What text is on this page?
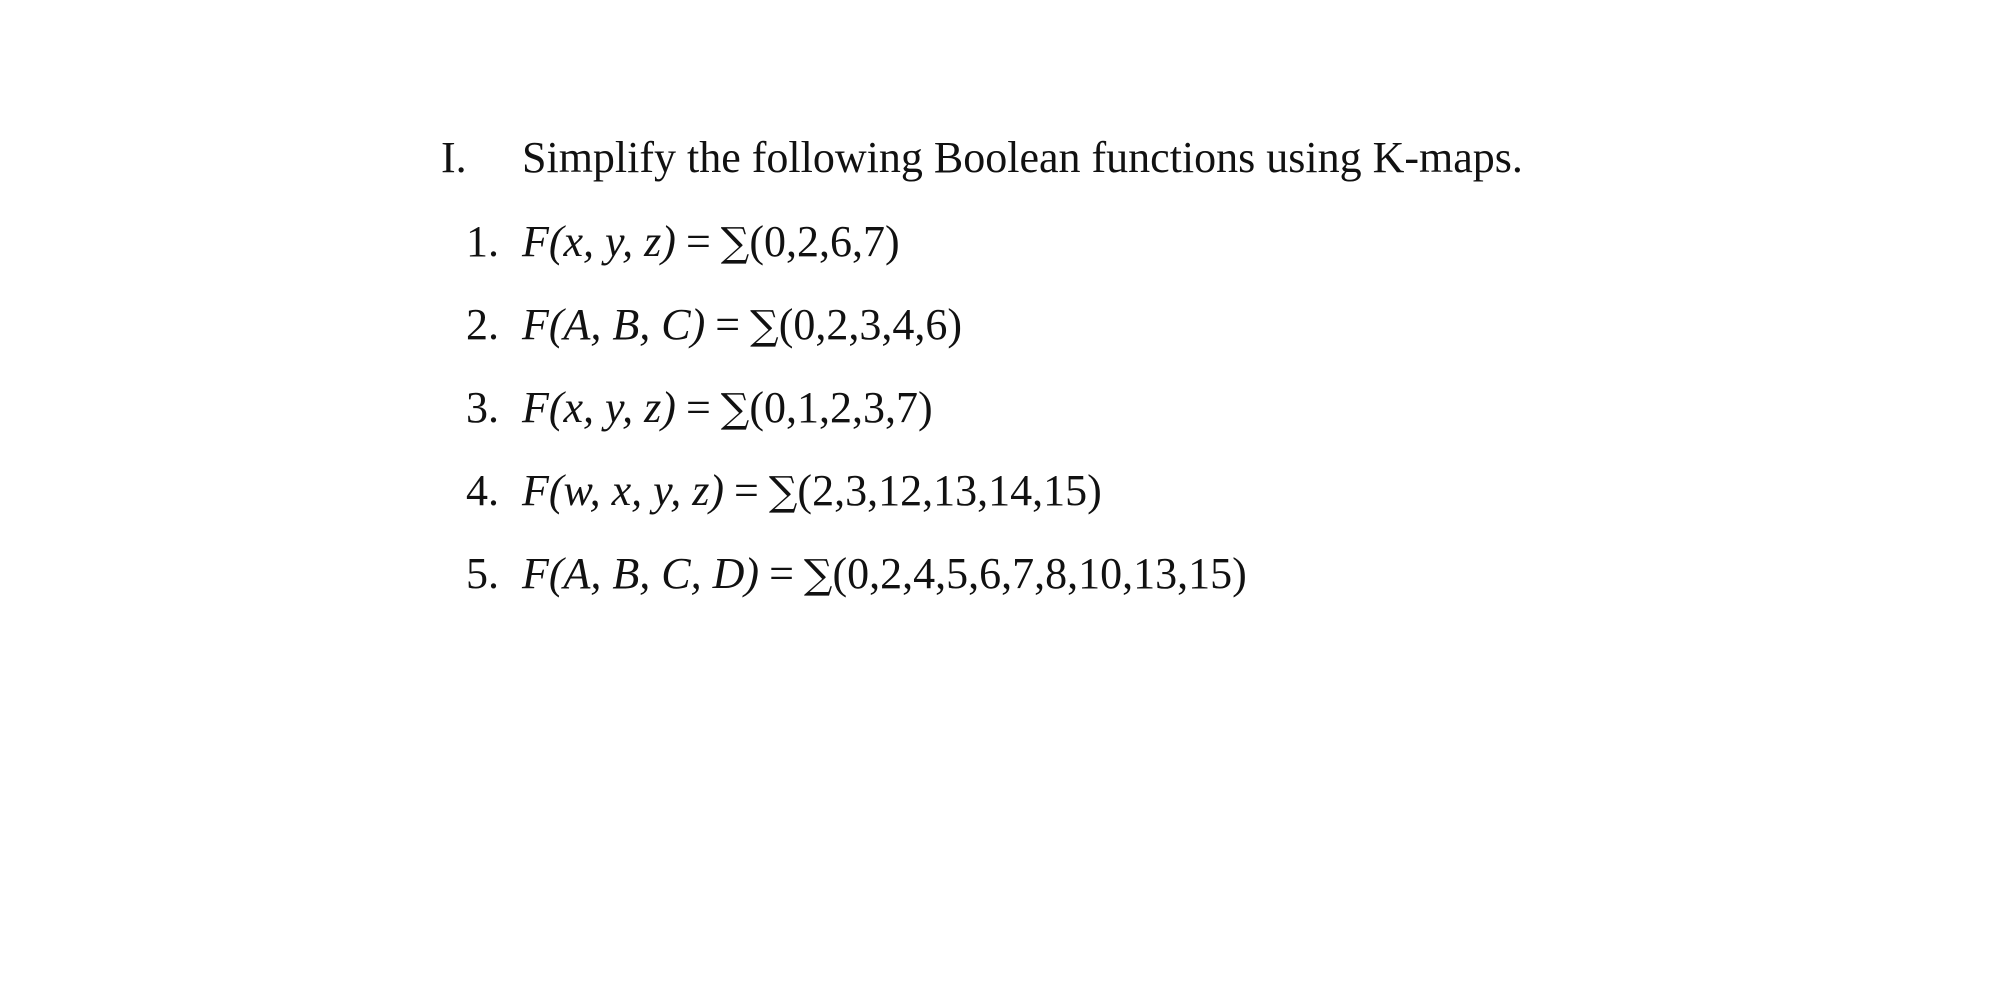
I.	Simplify the following Boolean functions using K-maps.
1. F(x, y, z) = ∑(0,2,6,7)
2. F(A, B, C) = ∑(0,2,3,4,6)
3. F(x, y, z) = ∑(0,1,2,3,7)
4. F(w, x, y, z) = ∑(2,3,12,13,14,15)
5. F(A, B, C, D) = ∑(0,2,4,5,6,7,8,10,13,15)
